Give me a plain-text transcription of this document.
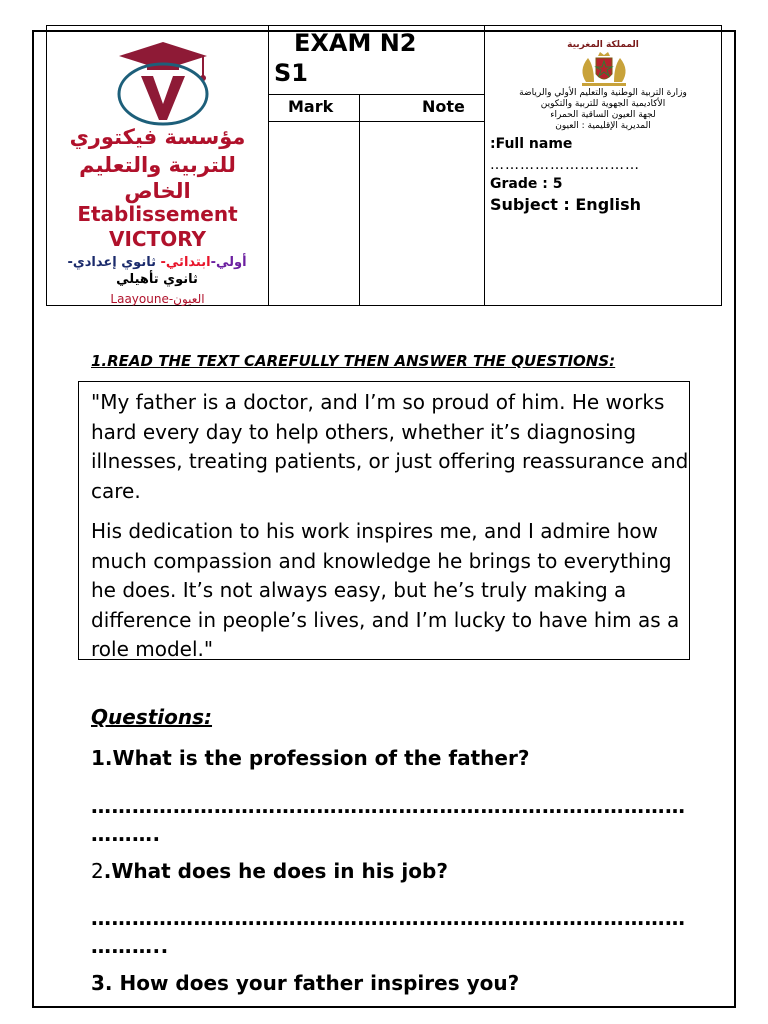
مؤسسة فيكتوري
للتربية والتعليم
الخاص
Etablissement
VICTORY
أولي-ابتدائي- ثانوي إعدادي-
ثانوي تأهيلي
Laayoune-العيون
EXAM N2
S1
Mark	Note
المملكة المغربية
وزارة التربية الوطنية والتعليم الأولي والرياضة
الأكاديمية الجهوية للتربية والتكوين
لجهة العيون الساقية الحمراء
المديرية الإقليمية : العيون
:Full name
…………………………
Grade : 5
Subject : English
1.READ THE TEXT CAREFULLY THEN ANSWER THE QUESTIONS:

"My father is a doctor, and I’m so proud of him. He works hard every day to help others, whether it’s diagnosing illnesses, treating patients, or just offering reassurance and care.

His dedication to his work inspires me, and I admire how much compassion and knowledge he brings to everything he does. It’s not always easy, but he’s truly making a difference in people’s lives, and I’m lucky to have him as a role model."

Questions:
1.What is the profession of the father?
……………………………………………………………………………
……….
2.What does he does in his job?
……………………………………………………………………………
………..
3. How does your father inspires you?
